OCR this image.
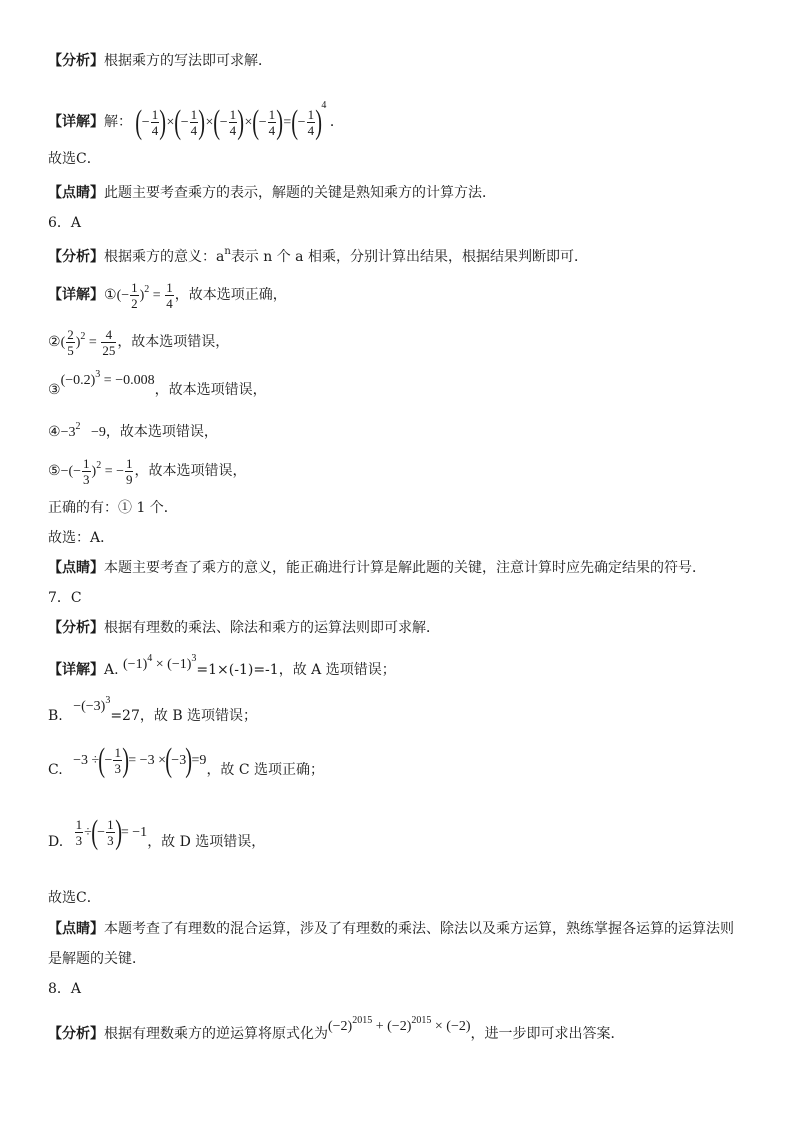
【分析】根据乘方的写法即可求解．
【详解】解： (− $\frac{1}{4}$ )×(− $\frac{1}{4}$ )×(− $\frac{1}{4}$ )×(− $\frac{1}{4}$ )=(− $\frac{1}{4} )^4$ ．
故选C．
【点睛】此题主要考查乘方的表示，解题的关键是熟知乘方的计算方法．
6．A
【分析】根据乘方的意义：$a^n$表示 n 个 a 相乘，分别计算出结果，根据结果判断即可．
【详解】①(− $\frac{1}{2} )^2 = \frac{1}{4}$ ，故本选项正确，
②( $\frac{2}{5} )^2 = \frac{4}{25}$ ，故本选项错误，
$③(-0.2)^3 = -0.008$，故本选项错误，
$④-3^2 -9$，故本选项错误，
⑤−(− $\frac{1}{3} )^2$ = − $\frac{1}{9}$ ，故本选项错误，
正确的有：① 1 个．
故选：A．
【点睛】本题主要考查了乘方的意义，能正确进行计算是解此题的关键，注意计算时应先确定结果的符号．
7．C
【分析】根据有理数的乘法、除法和乘方的运算法则即可求解．
【详解】A. $(-1)^4 \times (-1)^3=1\times(-1)=-1$，故 A 选项错误；
B. $-(-3)^3=27$，故 B 选项错误；
C. −3 ÷(− $\frac{1}{3}$ )= −3 ×(−3)=9，故 C 选项正确；
D. $\frac{1}{3}$ ÷(− $\frac{1}{3}$ )= −1，故 D 选项错误，
故选C．
【点睛】本题考查了有理数的混合运算，涉及了有理数的乘法、除法以及乘方运算，熟练掌握各运算的运算法则
是解题的关键．
8．A
【分析】根据有理数乘方的逆运算将原式化为$(-2)^{2015} + (-2)^{2015} \times (-2)$，进一步即可求出答案．
